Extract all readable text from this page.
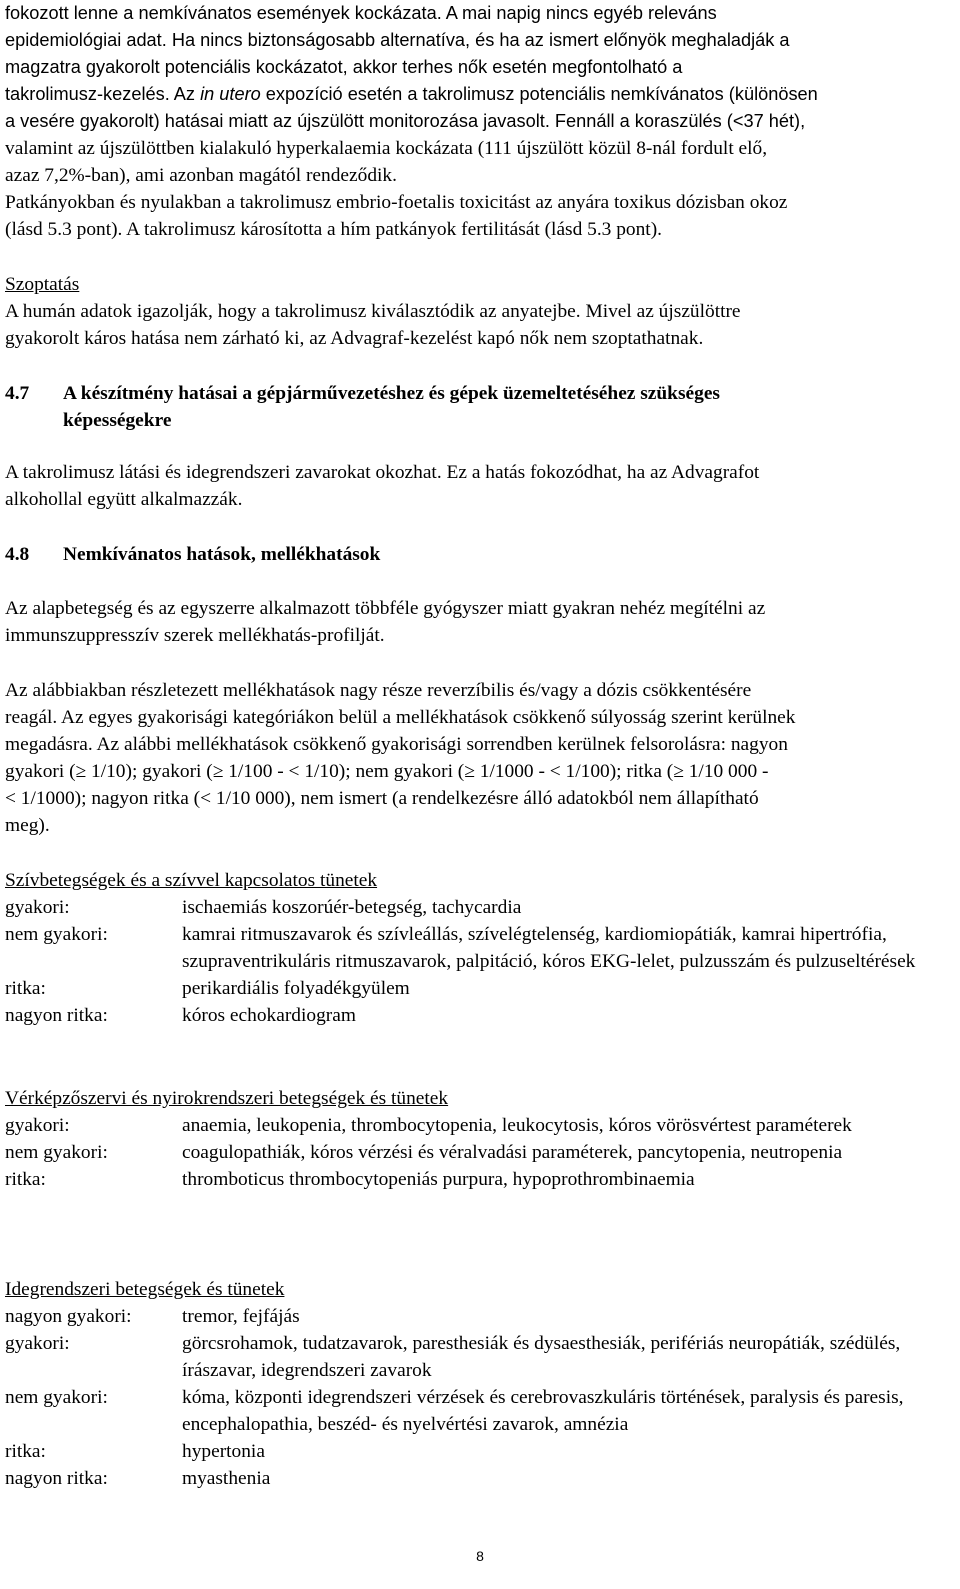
fokozott lenne a nemkívánatos események kockázata. A mai napig nincs egyéb releváns
epidemiológiai adat. Ha nincs biztonságosabb alternatíva, és ha az ismert előnyök meghaladják a
magzatra gyakorolt potenciális kockázatot, akkor terhes nők esetén megfontolható a
takrolimusz-kezelés. Az in utero expozíció esetén a takrolimusz potenciális nemkívánatos (különösen
a vesére gyakorolt) hatásai miatt az újszülött monitorozása javasolt. Fennáll a koraszülés (<37 hét),
valamint az újszülöttben kialakuló hyperkalaemia kockázata (111 újszülött közül 8-nál fordult elő,
azaz 7,2%-ban), ami azonban magától rendeződik.
Patkányokban és nyulakban a takrolimusz embrio-foetalis toxicitást az anyára toxikus dózisban okoz
(lásd 5.3 pont). A takrolimusz károsította a hím patkányok fertilitását (lásd 5.3 pont).
Szoptatás
A humán adatok igazolják, hogy a takrolimusz kiválasztódik az anyatejbe. Mivel az újszülöttre
gyakorolt káros hatása nem zárható ki, az Advagraf-kezelést kapó nők nem szoptathatnak.
4.7	A készítmény hatásai a gépjárművezetéshez és gépek üzemeltetéséhez szükséges
képességekre
A takrolimusz látási és idegrendszeri zavarokat okozhat. Ez a hatás fokozódhat, ha az Advagrafot
alkohollal együtt alkalmazzák.
4.8	Nemkívánatos hatások, mellékhatások
Az alapbetegség és az egyszerre alkalmazott többféle gyógyszer miatt gyakran nehéz megítélni az
immunszuppresszív szerek mellékhatás-profilját.
Az alábbiakban részletezett mellékhatások nagy része reverzíbilis és/vagy a dózis csökkentésére
reagál. Az egyes gyakorisági kategóriákon belül a mellékhatások csökkenő súlyosság szerint kerülnek
megadásra. Az alábbi mellékhatások csökkenő gyakorisági sorrendben kerülnek felsorolásra: nagyon
gyakori (≥ 1/10); gyakori (≥ 1/100 - < 1/10); nem gyakori (≥ 1/1000 - < 1/100); ritka (≥ 1/10 000 -
< 1/1000); nagyon ritka (< 1/10 000), nem ismert (a rendelkezésre álló adatokból nem állapítható
meg).
Szívbetegségek és a szívvel kapcsolatos tünetek
gyakori:	ischaemiás koszorúér-betegség, tachycardia
nem gyakori:	kamrai ritmuszavarok és szívleállás, szívelégtelenség, kardiomiopátiák, kamrai hipertrófia, szupraventrikuláris ritmuszavarok, palpitáció, kóros EKG-lelet, pulzusszám és pulzuseltérések
ritka:	perikardiális folyadékgyülem
nagyon ritka:	kóros echokardiogram
Vérképzőszervi és nyirokrendszeri betegségek és tünetek
gyakori:	anaemia, leukopenia, thrombocytopenia, leukocytosis, kóros vörösvértest paraméterek
nem gyakori:	coagulopathiák, kóros vérzési és véralvadási paraméterek, pancytopenia, neutropenia
ritka:	thromboticus thrombocytopeniás purpura, hypoprothrombinaemia
Idegrendszeri betegségek és tünetek
nagyon gyakori:	tremor, fejfájás
gyakori:	görcsrohamok, tudatzavarok, paresthesiák és dysaesthesiák, perifériás neuropátiák, szédülés, írászavar, idegrendszeri zavarok
nem gyakori:	kóma, központi idegrendszeri vérzések és cerebrovaszkuláris történések, paralysis és paresis, encephalopathia, beszéd- és nyelvértési zavarok, amnézia
ritka:	hypertonia
nagyon ritka:	myasthenia
8
